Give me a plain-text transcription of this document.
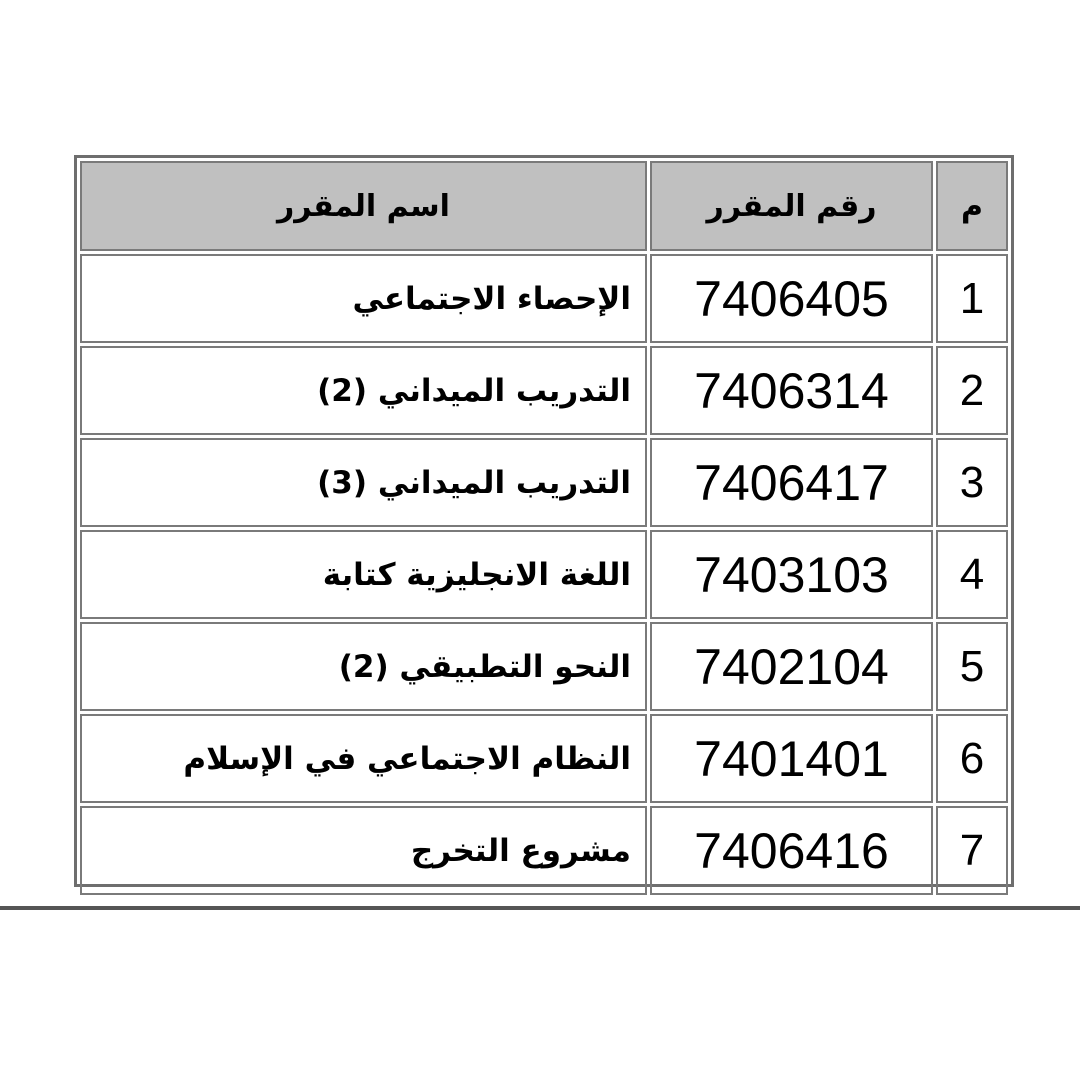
م	رقم المقرر	اسم المقرر
1	7406405	الإحصاء الاجتماعي
2	7406314	التدريب الميداني (2)
3	7406417	التدريب الميداني (3)
4	7403103	اللغة الانجليزية كتابة
5	7402104	النحو التطبيقي (2)
6	7401401	النظام الاجتماعي في الإسلام
7	7406416	مشروع التخرج
